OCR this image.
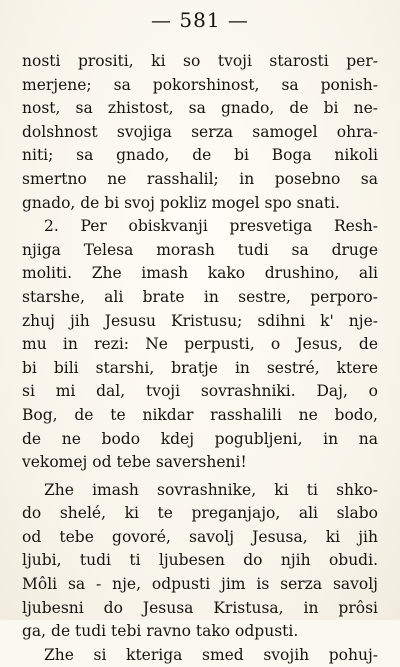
— 581 —
nosti prositi, ki so tvoji starosti per-
merjene; sa pokorshinost, sa ponish-
nost, sa zhistost, sa gnado, de bi ne-
dolshnost svojiga serza samogel ohra-
niti; sa gnado, de bi Boga nikoli
smertno ne rasshalil; in posebno sa
gnado, de bi svoj pokliz mogel spo snati.
2. Per obiskvanji presvetiga Resh-
njiga Telesa morash tudi sa druge
moliti. Zhe imash kako drushino, ali
starshe, ali brate in sestre, perporo-
zhuj jih Jesusu Kristusu; sdihni k' nje-
mu in rezi: Ne perpusti, o Jesus, de
bi bili starshi, bratje in sestré, ktere
si mi dal, tvoji sovrashniki. Daj, o
Bog, de te nikdar rasshalili ne bodo,
de ne bodo kdej pogubljeni, in na
vekomej od tebe saversheni!
Zhe imash sovrashnike, ki ti shko-
dо shelé, ki te preganjajo, ali slabo
od tebe govoré, savolj Jesusa, ki jih
ljubi, tudi ti ljubesen do njih obudi.
Môli sa - nje, odpusti jim is serza savolj
ljubesni do Jesusa Kristusa, in prôsi
ga, de tudi tebi ravno tako odpusti.
Zhe si kteriga smed svojih pohuj-
